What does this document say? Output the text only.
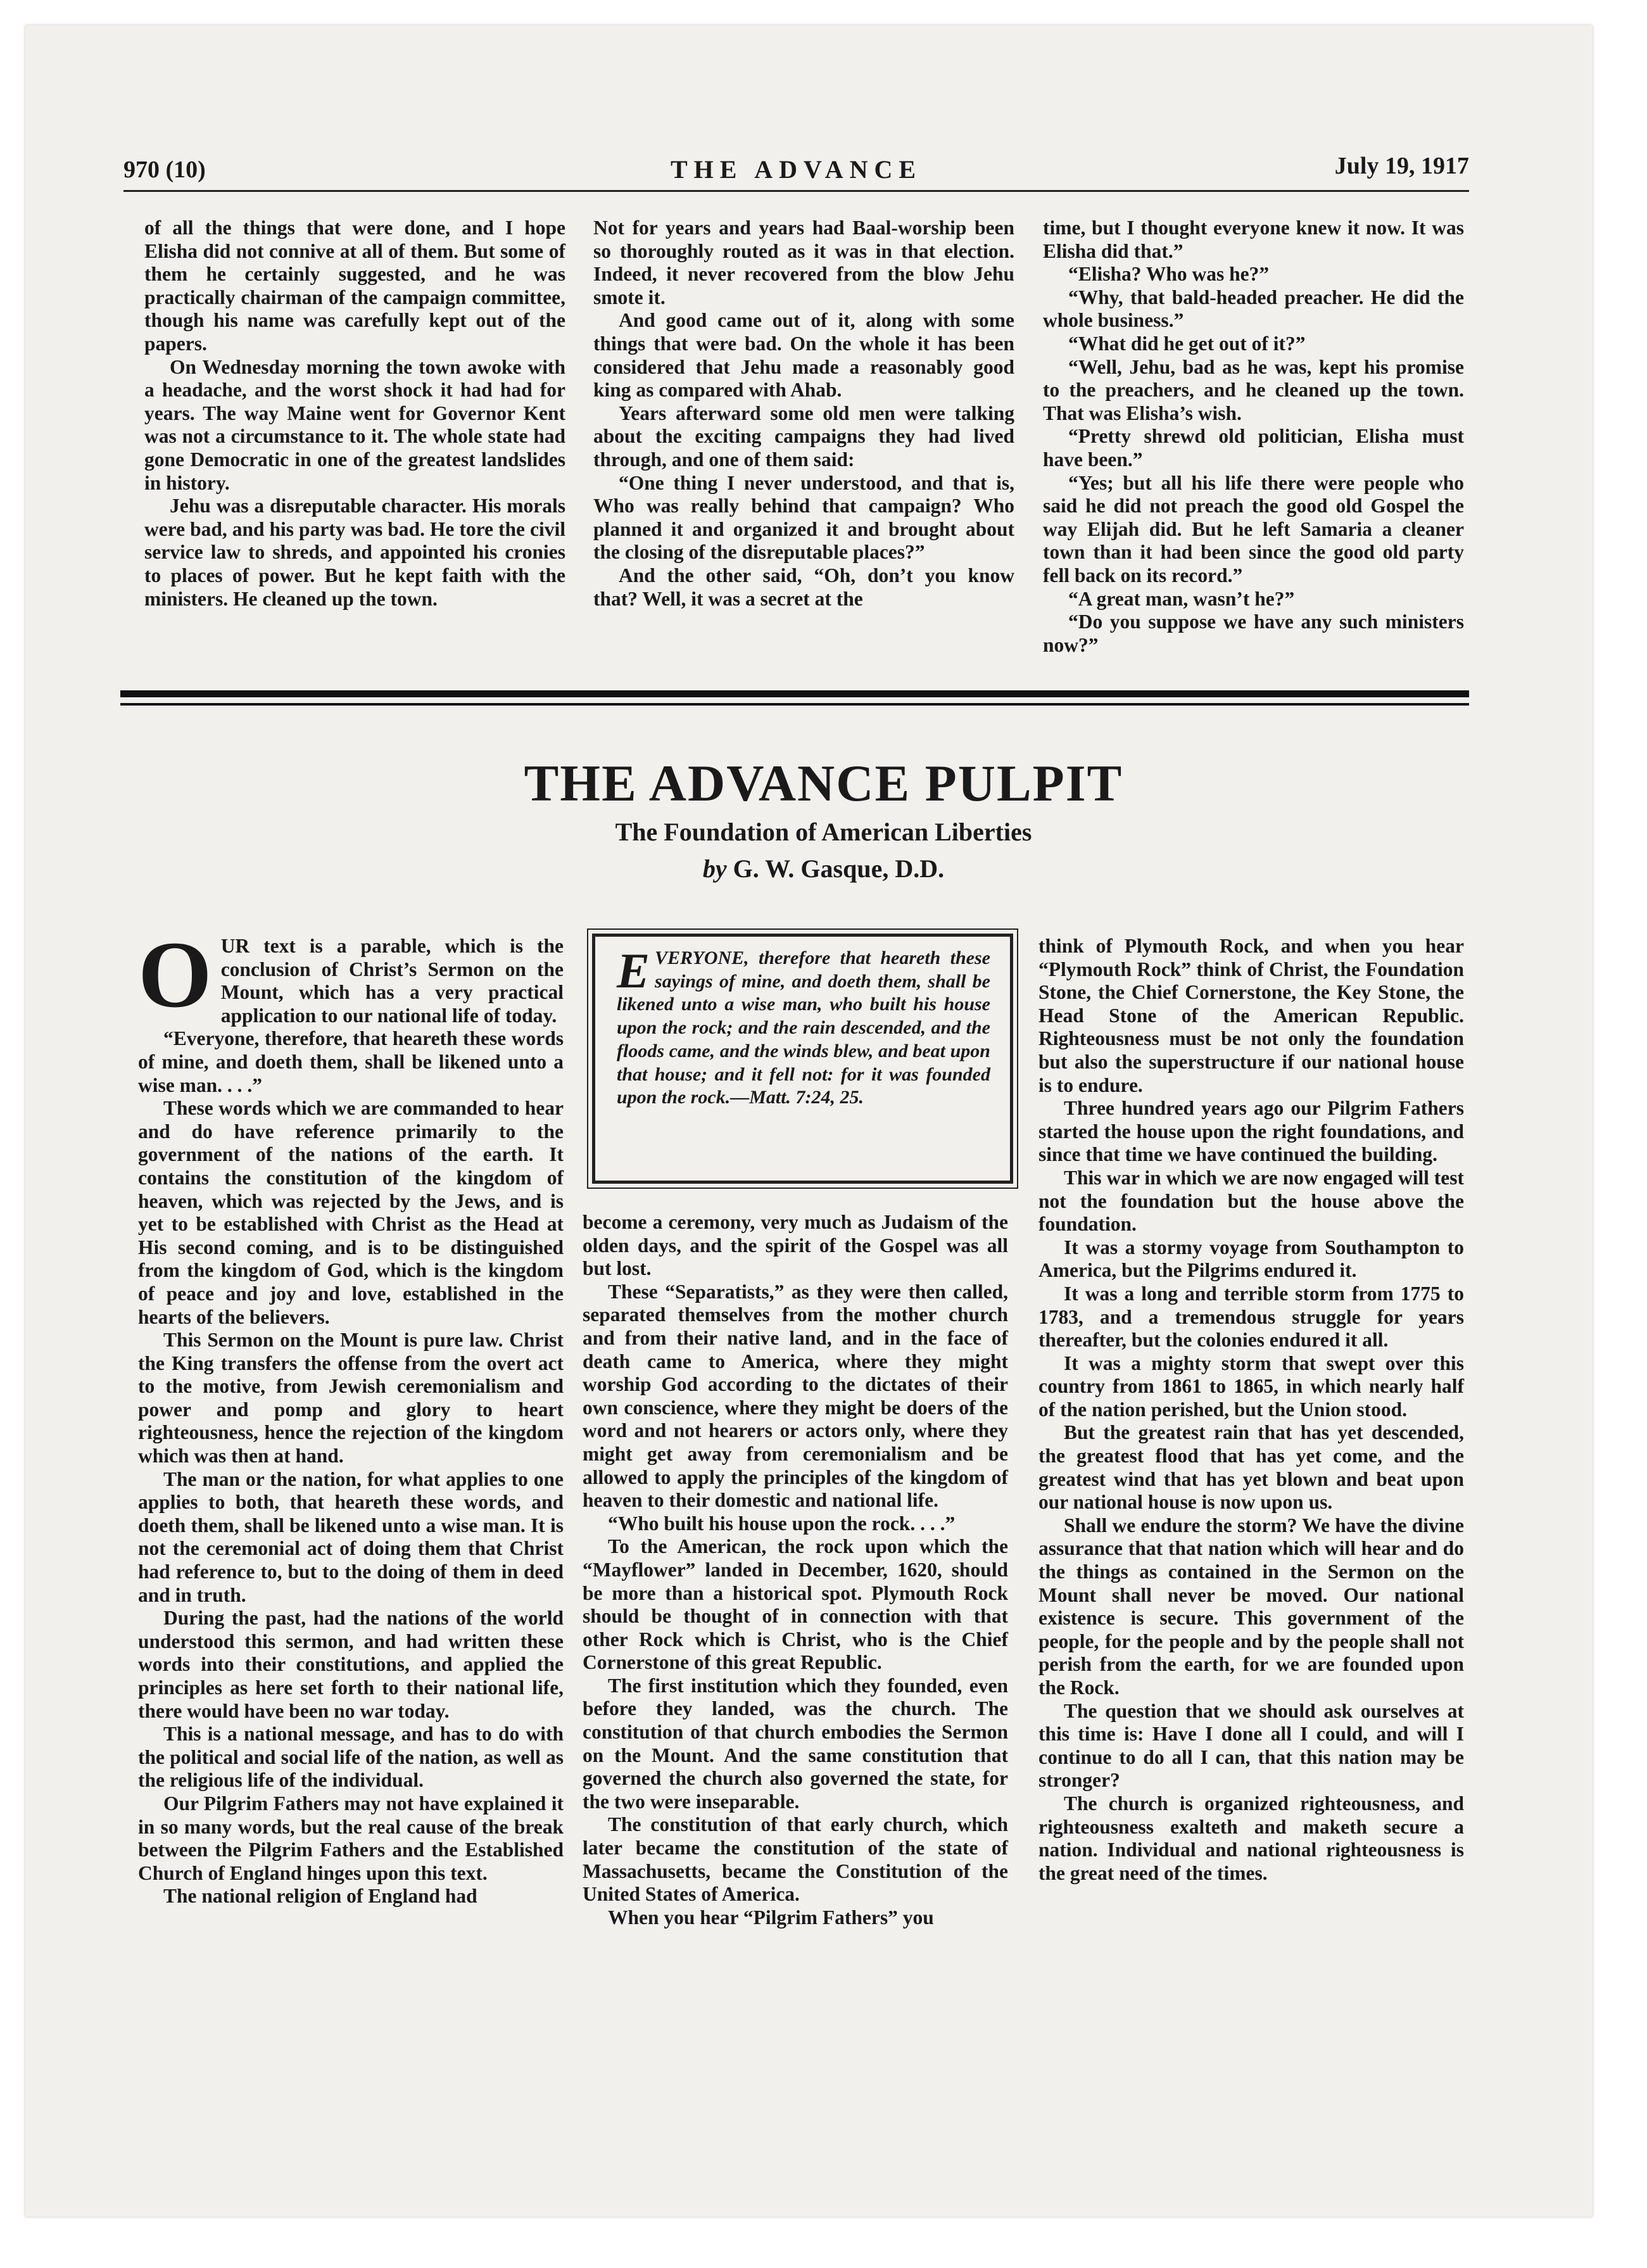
970 (10)	THE ADVANCE	July 19, 1917

of all the things that were done, and I hope Elisha did not connive at all of them. But some of them he certainly suggested, and he was practically chairman of the campaign committee, though his name was carefully kept out of the papers.

On Wednesday morning the town awoke with a headache, and the worst shock it had had for years. The way Maine went for Governor Kent was not a circumstance to it. The whole state had gone Democratic in one of the greatest landslides in history.

Jehu was a disreputable character. His morals were bad, and his party was bad. He tore the civil service law to shreds, and appointed his cronies to places of power. But he kept faith with the ministers. He cleaned up the town.

Not for years and years had Baal-worship been so thoroughly routed as it was in that election. Indeed, it never recovered from the blow Jehu smote it.

And good came out of it, along with some things that were bad. On the whole it has been considered that Jehu made a reasonably good king as compared with Ahab.

Years afterward some old men were talking about the exciting campaigns they had lived through, and one of them said:

“One thing I never understood, and that is, Who was really behind that campaign? Who planned it and organized it and brought about the closing of the disreputable places?”

And the other said, “Oh, don’t you know that? Well, it was a secret at the

time, but I thought everyone knew it now. It was Elisha did that.”

“Elisha? Who was he?”

“Why, that bald-headed preacher. He did the whole business.”

“What did he get out of it?”

“Well, Jehu, bad as he was, kept his promise to the preachers, and he cleaned up the town. That was Elisha’s wish.

“Pretty shrewd old politician, Elisha must have been.”

“Yes; but all his life there were people who said he did not preach the good old Gospel the way Elijah did. But he left Samaria a cleaner town than it had been since the good old party fell back on its record.”

“A great man, wasn’t he?”

“Do you suppose we have any such ministers now?”

THE ADVANCE PULPIT
The Foundation of American Liberties
by G. W. Gasque, D.D.

OUR text is a parable, which is the conclusion of Christ’s Sermon on the Mount, which has a very practical application to our national life of today.

“Everyone, therefore, that heareth these words of mine, and doeth them, shall be likened unto a wise man. . . .”

These words which we are commanded to hear and do have reference primarily to the government of the nations of the earth. It contains the constitution of the kingdom of heaven, which was rejected by the Jews, and is yet to be established with Christ as the Head at His second coming, and is to be distinguished from the kingdom of God, which is the kingdom of peace and joy and love, established in the hearts of the believers.

This Sermon on the Mount is pure law. Christ the King transfers the offense from the overt act to the motive, from Jewish ceremonialism and power and pomp and glory to heart righteousness, hence the rejection of the kingdom which was then at hand.

The man or the nation, for what applies to one applies to both, that heareth these words, and doeth them, shall be likened unto a wise man. It is not the ceremonial act of doing them that Christ had reference to, but to the doing of them in deed and in truth.

During the past, had the nations of the world understood this sermon, and had written these words into their constitutions, and applied the principles as here set forth to their national life, there would have been no war today.

This is a national message, and has to do with the political and social life of the nation, as well as the religious life of the individual.

Our Pilgrim Fathers may not have explained it in so many words, but the real cause of the break between the Pilgrim Fathers and the Established Church of England hinges upon this text.

The national religion of England had

EVERYONE, therefore that heareth these sayings of mine, and doeth them, shall be likened unto a wise man, who built his house upon the rock; and the rain descended, and the floods came, and the winds blew, and beat upon that house; and it fell not: for it was founded upon the rock.—Matt. 7:24, 25.

become a ceremony, very much as Judaism of the olden days, and the spirit of the Gospel was all but lost.

These “Separatists,” as they were then called, separated themselves from the mother church and from their native land, and in the face of death came to America, where they might worship God according to the dictates of their own conscience, where they might be doers of the word and not hearers or actors only, where they might get away from ceremonialism and be allowed to apply the principles of the kingdom of heaven to their domestic and national life.

“Who built his house upon the rock. . . .”

To the American, the rock upon which the “Mayflower” landed in December, 1620, should be more than a historical spot. Plymouth Rock should be thought of in connection with that other Rock which is Christ, who is the Chief Cornerstone of this great Republic.

The first institution which they founded, even before they landed, was the church. The constitution of that church embodies the Sermon on the Mount. And the same constitution that governed the church also governed the state, for the two were inseparable.

The constitution of that early church, which later became the constitution of the state of Massachusetts, became the Constitution of the United States of America.

When you hear “Pilgrim Fathers” you

think of Plymouth Rock, and when you hear “Plymouth Rock” think of Christ, the Foundation Stone, the Chief Cornerstone, the Key Stone, the Head Stone of the American Republic. Righteousness must be not only the foundation but also the superstructure if our national house is to endure.

Three hundred years ago our Pilgrim Fathers started the house upon the right foundations, and since that time we have continued the building.

This war in which we are now engaged will test not the foundation but the house above the foundation.

It was a stormy voyage from Southampton to America, but the Pilgrims endured it.

It was a long and terrible storm from 1775 to 1783, and a tremendous struggle for years thereafter, but the colonies endured it all.

It was a mighty storm that swept over this country from 1861 to 1865, in which nearly half of the nation perished, but the Union stood.

But the greatest rain that has yet descended, the greatest flood that has yet come, and the greatest wind that has yet blown and beat upon our national house is now upon us.

Shall we endure the storm? We have the divine assurance that that nation which will hear and do the things as contained in the Sermon on the Mount shall never be moved. Our national existence is secure. This government of the people, for the people and by the people shall not perish from the earth, for we are founded upon the Rock.

The question that we should ask ourselves at this time is: Have I done all I could, and will I continue to do all I can, that this nation may be stronger?

The church is organized righteousness, and righteousness exalteth and maketh secure a nation. Individual and national righteousness is the great need of the times.
